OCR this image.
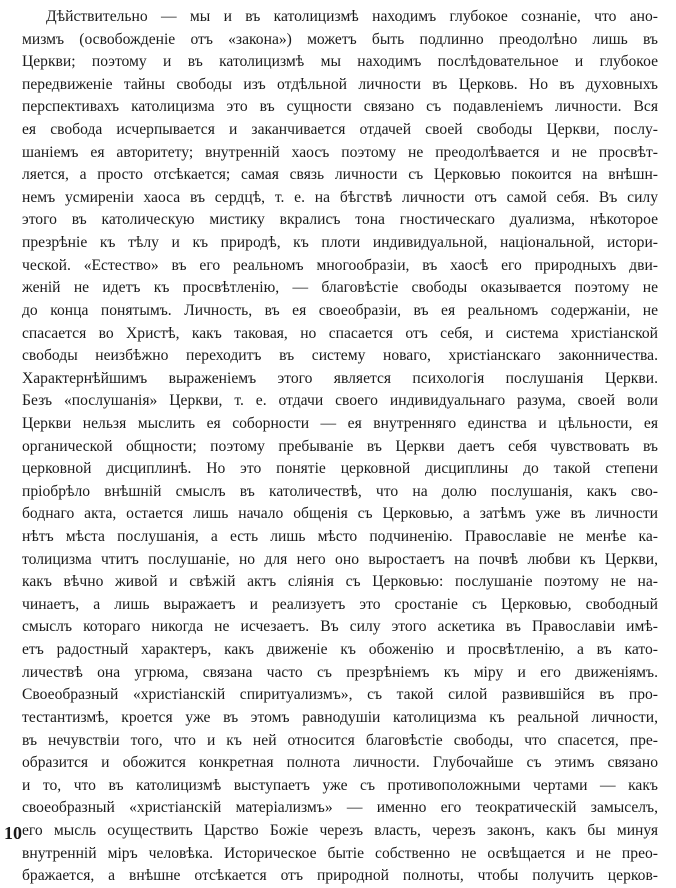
Дѣйствительно — мы и въ католицизмѣ находимъ глубокое сознаніе, что ано-
мизмъ (освобожденіе отъ «закона») можетъ быть подлинно преодолѣно лишь въ
Церкви; поэтому и въ католицизмѣ мы находимъ послѣдовательное и глубокое
передвиженіе тайны свободы изъ отдѣльной личности въ Церковь. Но въ духовныхъ
перспективахъ католицизма это въ сущности связано съ подавленіемъ личности. Вся
ея свобода исчерпывается и заканчивается отдачей своей свободы Церкви, послу-
шаніемъ ея авторитету; внутренній хаосъ поэтому не преодолѣвается и не просвѣт-
ляется, а просто отсѣкается; самая связь личности съ Церковью покоится на внѣшн-
немъ усмиреніи хаоса въ сердцѣ, т. е. на бѣгствѣ личности отъ самой себя. Въ силу
этого въ католическую мистику вкралисъ тона гностическаго дуализма, нѣкоторое
презрѣніе къ тѣлу и къ природѣ, къ плоти индивидуальной, національной, истори-
ческой. «Естество» въ его реальномъ многообразіи, въ хаосѣ его природныхъ дви-
женій не идетъ къ просвѣтленію, — благовѣстіе свободы оказывается поэтому не
до конца понятымъ. Личность, въ ея своеобразіи, въ ея реальномъ содержаніи, не
спасается во Христѣ, какъ таковая, но спасается отъ себя, и система христіанской
свободы неизбѣжно переходитъ въ систему новаго, христіанскаго законничества.
Характернѣйшимъ выраженіемъ этого является психологія послушанія Церкви.
Безъ «послушанія» Церкви, т. е. отдачи своего индивидуальнаго разума, своей воли
Церкви нельзя мыслить ея соборности — ея внутренняго единства и цѣльности, ея
органической общности; поэтому пребываніе въ Церкви даетъ себя чувствовать въ
церковной дисциплинѣ. Но это понятіе церковной дисциплины до такой степени
пріобрѣло внѣшній смыслъ въ католичествѣ, что на долю послушанія, какъ сво-
боднаго акта, остается лишь начало общенія съ Церковью, а затѣмъ уже въ личности
нѣтъ мѣста послушанія, а есть лишь мѣсто подчиненію. Православіе не менѣе ка-
толицизма чтитъ послушаніе, но для него оно выростаетъ на почвѣ любви къ Церкви,
какъ вѣчно живой и свѣжій актъ слiянія съ Церковью: послушаніе поэтому не на-
чинаетъ, а лишь выражаетъ и реализуетъ это сростаніе съ Церковью, свободный
смыслъ котораго никогда не исчезаетъ. Въ силу этого аскетика въ Православіи имѣ-
етъ радостный характеръ, какъ движеніе къ обоженію и просвѣтленію, а въ като-
личествѣ она угрюма, связана часто съ презрѣніемъ къ міру и его движеніямъ.
Своеобразный «христіанскій спиритуализмъ», съ такой силой развившійся въ про-
тестантизмѣ, кроется уже въ этомъ равнодушіи католицизма къ реальной личности,
въ нечувствіи того, что и къ ней относится благовѣстіе свободы, что спасется, пре-
образится и обожится конкретная полнота личности. Глубочайше съ этимъ связано
и то, что въ католицизмѣ выступаетъ уже съ противоположными чертами — какъ
своеобразный «христіанскій матеріализмъ» — именно его теократическій замыселъ,
его мысль осуществить Царство Божіе черезъ власть, черезъ законъ, какъ бы минуя
внутренній міръ человѣка. Историческое бытіе собственно не освѣщается и не прео-
бражается, а внѣшне отсѣкается отъ природной полноты, чтобы получить церков-
10
